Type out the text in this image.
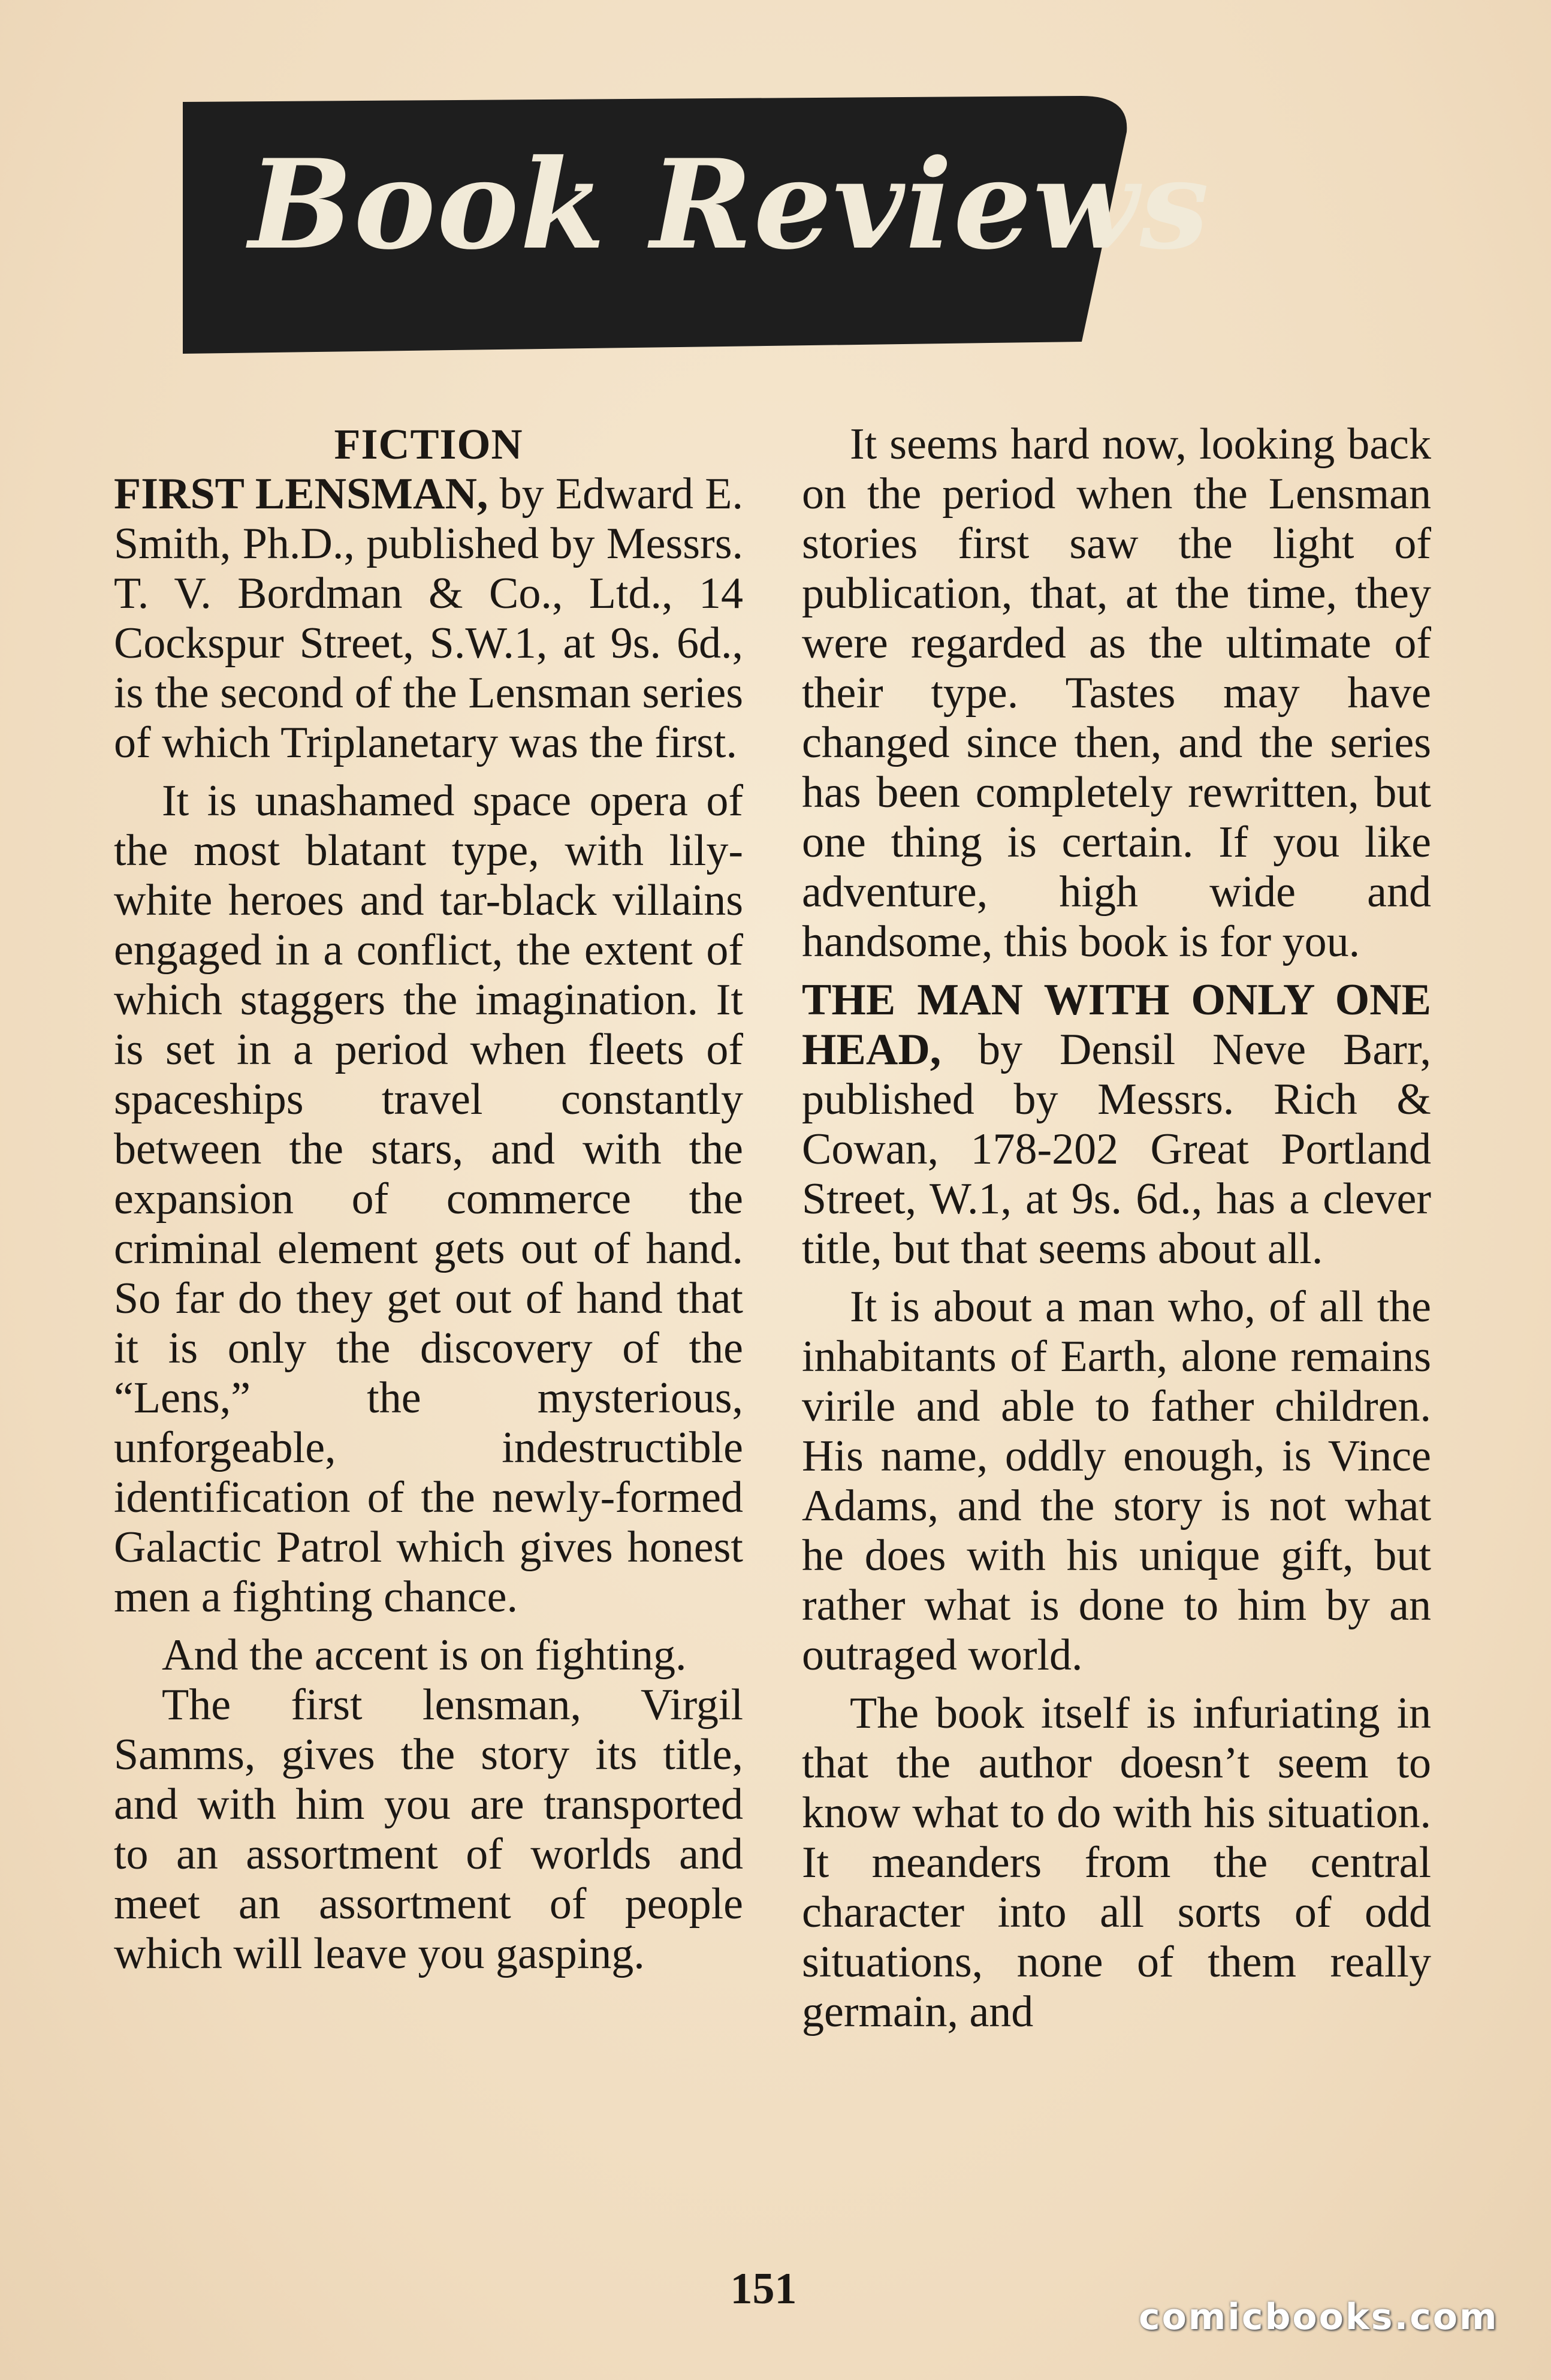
Book Reviews

FICTION

FIRST LENSMAN, by Edward E. Smith, Ph.D., published by Messrs. T. V. Bordman & Co., Ltd., 14 Cockspur Street, S.W.1, at 9s. 6d., is the second of the Lensman series of which Triplanetary was the first.

It is unashamed space opera of the most blatant type, with lily-white heroes and tar-black villains engaged in a conflict, the extent of which staggers the imagination. It is set in a period when fleets of spaceships travel constantly between the stars, and with the expansion of commerce the criminal element gets out of hand. So far do they get out of hand that it is only the discovery of the “Lens,” the mysterious, unforgeable, indestructible identification of the newly-formed Galactic Patrol which gives honest men a fighting chance.

And the accent is on fighting.

The first lensman, Virgil Samms, gives the story its title, and with him you are transported to an assortment of worlds and meet an assortment of people which will leave you gasping.

It seems hard now, looking back on the period when the Lensman stories first saw the light of publication, that, at the time, they were regarded as the ultimate of their type. Tastes may have changed since then, and the series has been completely rewritten, but one thing is certain. If you like adventure, high wide and handsome, this book is for you.

THE MAN WITH ONLY ONE HEAD, by Densil Neve Barr, published by Messrs. Rich & Cowan, 178-202 Great Portland Street, W.1, at 9s. 6d., has a clever title, but that seems about all.

It is about a man who, of all the inhabitants of Earth, alone remains virile and able to father children. His name, oddly enough, is Vince Adams, and the story is not what he does with his unique gift, but rather what is done to him by an outraged world.

The book itself is infuriating in that the author doesn’t seem to know what to do with his situation. It meanders from the central character into all sorts of odd situations, none of them really germain, and

151
comicbooks.com
